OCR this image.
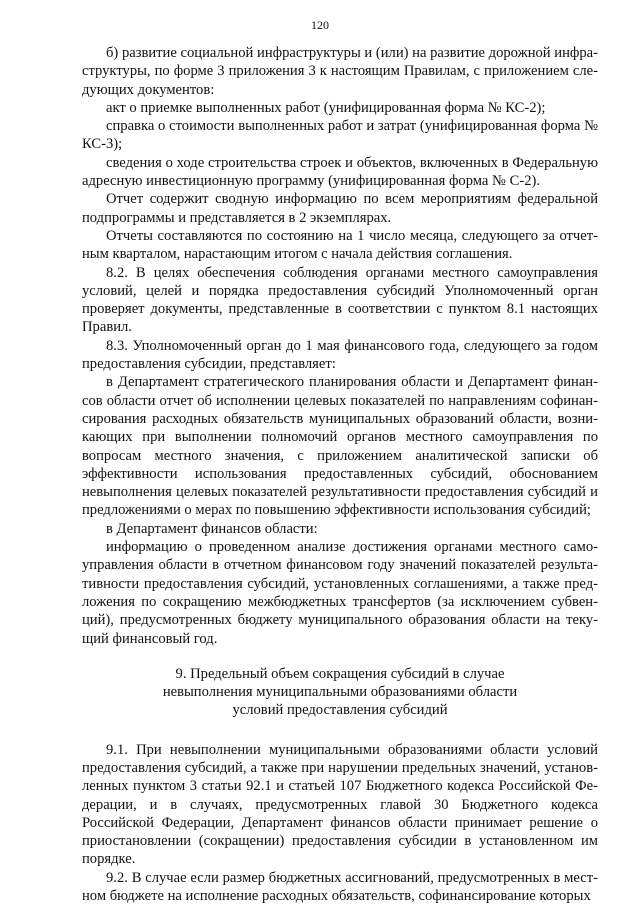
120

б) развитие социальной инфраструктуры и (или) на развитие дорожной инфраструктуры, по форме 3 приложения 3 к настоящим Правилам, с приложением следующих документов:

акт о приемке выполненных работ (унифицированная форма № КС-2);

справка о стоимости выполненных работ и затрат (унифицированная форма № КС-3);

сведения о ходе строительства строек и объектов, включенных в Федеральную адресную инвестиционную программу (унифицированная форма № С-2).

Отчет содержит сводную информацию по всем мероприятиям федеральной подпрограммы и представляется в 2 экземплярах.

Отчеты составляются по состоянию на 1 число месяца, следующего за отчетным кварталом, нарастающим итогом с начала действия соглашения.

8.2. В целях обеспечения соблюдения органами местного самоуправления условий, целей и порядка предоставления субсидий Уполномоченный орган проверяет документы, представленные в соответствии с пунктом 8.1 настоящих Правил.

8.3. Уполномоченный орган до 1 мая финансового года, следующего за годом предоставления субсидии, представляет:

в Департамент стратегического планирования области и Департамент финансов области отчет об исполнении целевых показателей по направлениям софинансирования расходных обязательств муниципальных образований области, возникающих при выполнении полномочий органов местного самоуправления по вопросам местного значения, с приложением аналитической записки об эффективности использования предоставленных субсидий, обоснованием невыполнения целевых показателей результативности предоставления субсидий и предложениями о мерах по повышению эффективности использования субсидий;

в Департамент финансов области:

информацию о проведенном анализе достижения органами местного самоуправления области в отчетном финансовом году значений показателей результативности предоставления субсидий, установленных соглашениями, а также предложения по сокращению межбюджетных трансфертов (за исключением субвенций), предусмотренных бюджету муниципального образования области на текущий финансовый год.

9. Предельный объем сокращения субсидий в случае
невыполнения муниципальными образованиями области
условий предоставления субсидий

9.1. При невыполнении муниципальными образованиями области условий предоставления субсидий, а также при нарушении предельных значений, установленных пунктом 3 статьи 92.1 и статьей 107 Бюджетного кодекса Российской Федерации, и в случаях, предусмотренных главой 30 Бюджетного кодекса Российской Федерации, Департамент финансов области принимает решение о приостановлении (сокращении) предоставления субсидии в установленном им порядке.

9.2. В случае если размер бюджетных ассигнований, предусмотренных в местном бюджете на исполнение расходных обязательств, софинансирование которых
